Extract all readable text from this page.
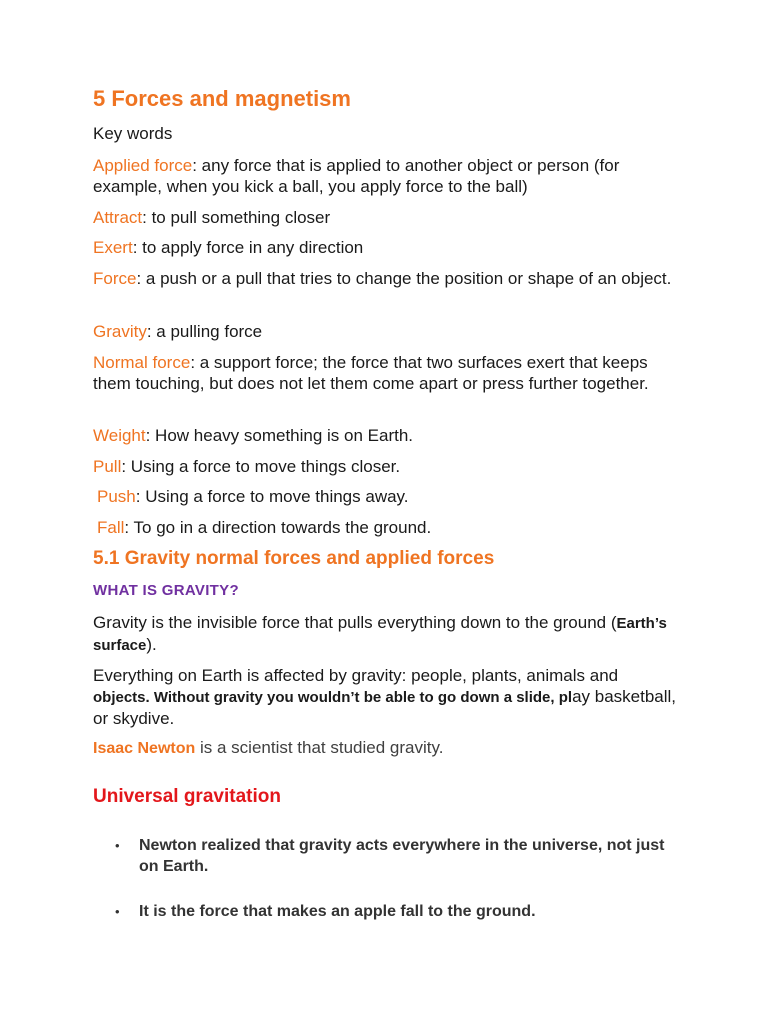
5 Forces and magnetism
Key words
Applied force: any force that is applied to another object or person (for example, when you kick a ball, you apply force to the ball)
Attract: to pull something closer
Exert: to apply force in any direction
Force: a push or a pull that tries to change the position or shape of an object.
Gravity: a pulling force
Normal force: a support force; the force that two surfaces exert that keeps them touching, but does not let them come apart or press further together.
Weight: How heavy something is on Earth.
Pull: Using a force to move things closer.
Push: Using a force to move things away.
Fall: To go in a direction towards the ground.
5.1 Gravity normal forces and applied forces
WHAT IS GRAVITY?
Gravity is the invisible force that pulls everything down to the ground (Earth’s surface).
Everything on Earth is affected by gravity: people, plants, animals and objects. Without gravity you wouldn’t be able to go down a slide, play basketball, or skydive.
Isaac Newton is a scientist that studied gravity.
Universal gravitation
• Newton realized that gravity acts everywhere in the universe, not just on Earth.
• It is the force that makes an apple fall to the ground.
